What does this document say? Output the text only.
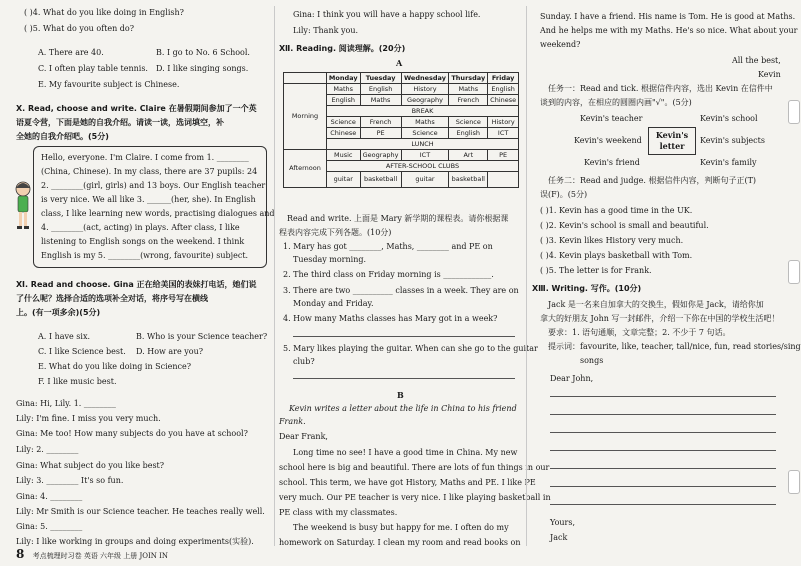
( )4. What do you like doing in English?
( )5. What do you often do?
A. There are 40.	B. I go to No. 6 School.
C. I often play table tennis. D. I like singing songs.
E. My favourite subject is Chinese.
Ⅹ. Read, choose and write. Claire 在暑假期间参加了一个英
语夏令营，下面是她的自我介绍。请读一读，选词填空，补
全她的自我介绍吧。(5分)
Hello, everyone. I'm Claire. I come from 1. ________
(China, Chinese). In my class, there are 37 pupils: 24
2. ________(girl, girls) and 13 boys. Our English teacher
is very nice. We all like 3. ______(her, she). In English
class, I like learning new words, practising dialogues and
4. ________(act, acting) in plays. After class, I like
listening to English songs on the weekend. I think
English is my 5. ________(wrong, favourite) subject.
Ⅺ. Read and choose. Gina 正在给美国的表妹打电话，她们说
了什么呢？选择合适的选项补全对话，将序号写在横线
上。(有一项多余)(5分)
A. I have six.	B. Who is your Science teacher?
C. I like Science best. D. How are you?
E. What do you like doing in Science?
F. I like music best.
Gina: Hi, Lily. 1. ________
Lily: I'm fine. I miss you very much.
Gina: Me too! How many subjects do you have at school?
Lily: 2. ________
Gina: What subject do you like best?
Lily: 3. ________ It's so fun.
Gina: 4. ________
Lily: Mr Smith is our Science teacher. He teaches really well.
Gina: 5. ________
Lily: I like working in groups and doing experiments(实验).
Gina: I think you will have a happy school life.
Lily: Thank you.
Ⅻ. Reading. 阅读理解。(20分)
A
	Monday	Tuesday	Wednesday	Thursday	Friday
Morning	Maths	English	History	Maths	English
	English	Maths	Geography	French	Chinese
	BREAK				
	Science	French	Maths	Science	History
	Chinese	PE	Science	English	ICT
	LUNCH				
Afternoon	Music	Geography	ICT	Art	PE
	AFTER-SCHOOL CLUBS				
	guitar	basketball	guitar	basketball	
Read and write. 上面是 Mary 新学期的课程表。请你根据课
程表内容完成下列各题。(10分)
1. Mary has got ________, Maths, ________ and PE on
Tuesday morning.
2. The third class on Friday morning is ____________.
3. There are two __________ classes in a week. They are on
Monday and Friday.
4. How many Maths classes has Mary got in a week?
5. Mary likes playing the guitar. When can she go to the guitar
club?
B
Kevin writes a letter about the life in China to his friend
Frank.
Dear Frank,
Long time no see! I have a good time in China. My new
school here is big and beautiful. There are lots of fun things in our
school. This term, we have got History, Maths and PE. I like PE
very much. Our PE teacher is very nice. I like playing basketball in
PE class with my classmates.
The weekend is busy but happy for me. I often do my
homework on Saturday. I clean my room and read books on
Sunday. I have a friend. His name is Tom. He is good at Maths.
And he helps me with my Maths. He's so nice. What about your
weekend?
All the best,
Kevin
任务一：Read and tick. 根据信件内容，选出 Kevin 在信件中
谈到的内容，在相应的圆圈内画"√"。(5分)
Kevin's teacher	Kevin's school
Kevin's weekend	Kevin's subjects
Kevin's friend	Kevin's family
Kevin's
letter
任务二：Read and judge. 根据信件内容，判断句子正(T)
误(F)。(5分)
( )1. Kevin has a good time in the UK.
( )2. Kevin's school is small and beautiful.
( )3. Kevin likes History very much.
( )4. Kevin plays basketball with Tom.
( )5. The letter is for Frank.
ⅩⅢ. Writing. 写作。(10分)
Jack 是一名来自加拿大的交换生，假如你是 Jack，请给你加
拿大的好朋友 John 写一封邮件，介绍一下你在中国的学校生活吧！
要求：1. 语句通顺，文章完整；2. 不少于 7 句话。
提示词：favourite, like, teacher, tall/nice, fun, read stories/sing
songs
Dear John,
Yours,
Jack
8 考点梳理时习卷 英语 六年级 上册 JOIN IN
